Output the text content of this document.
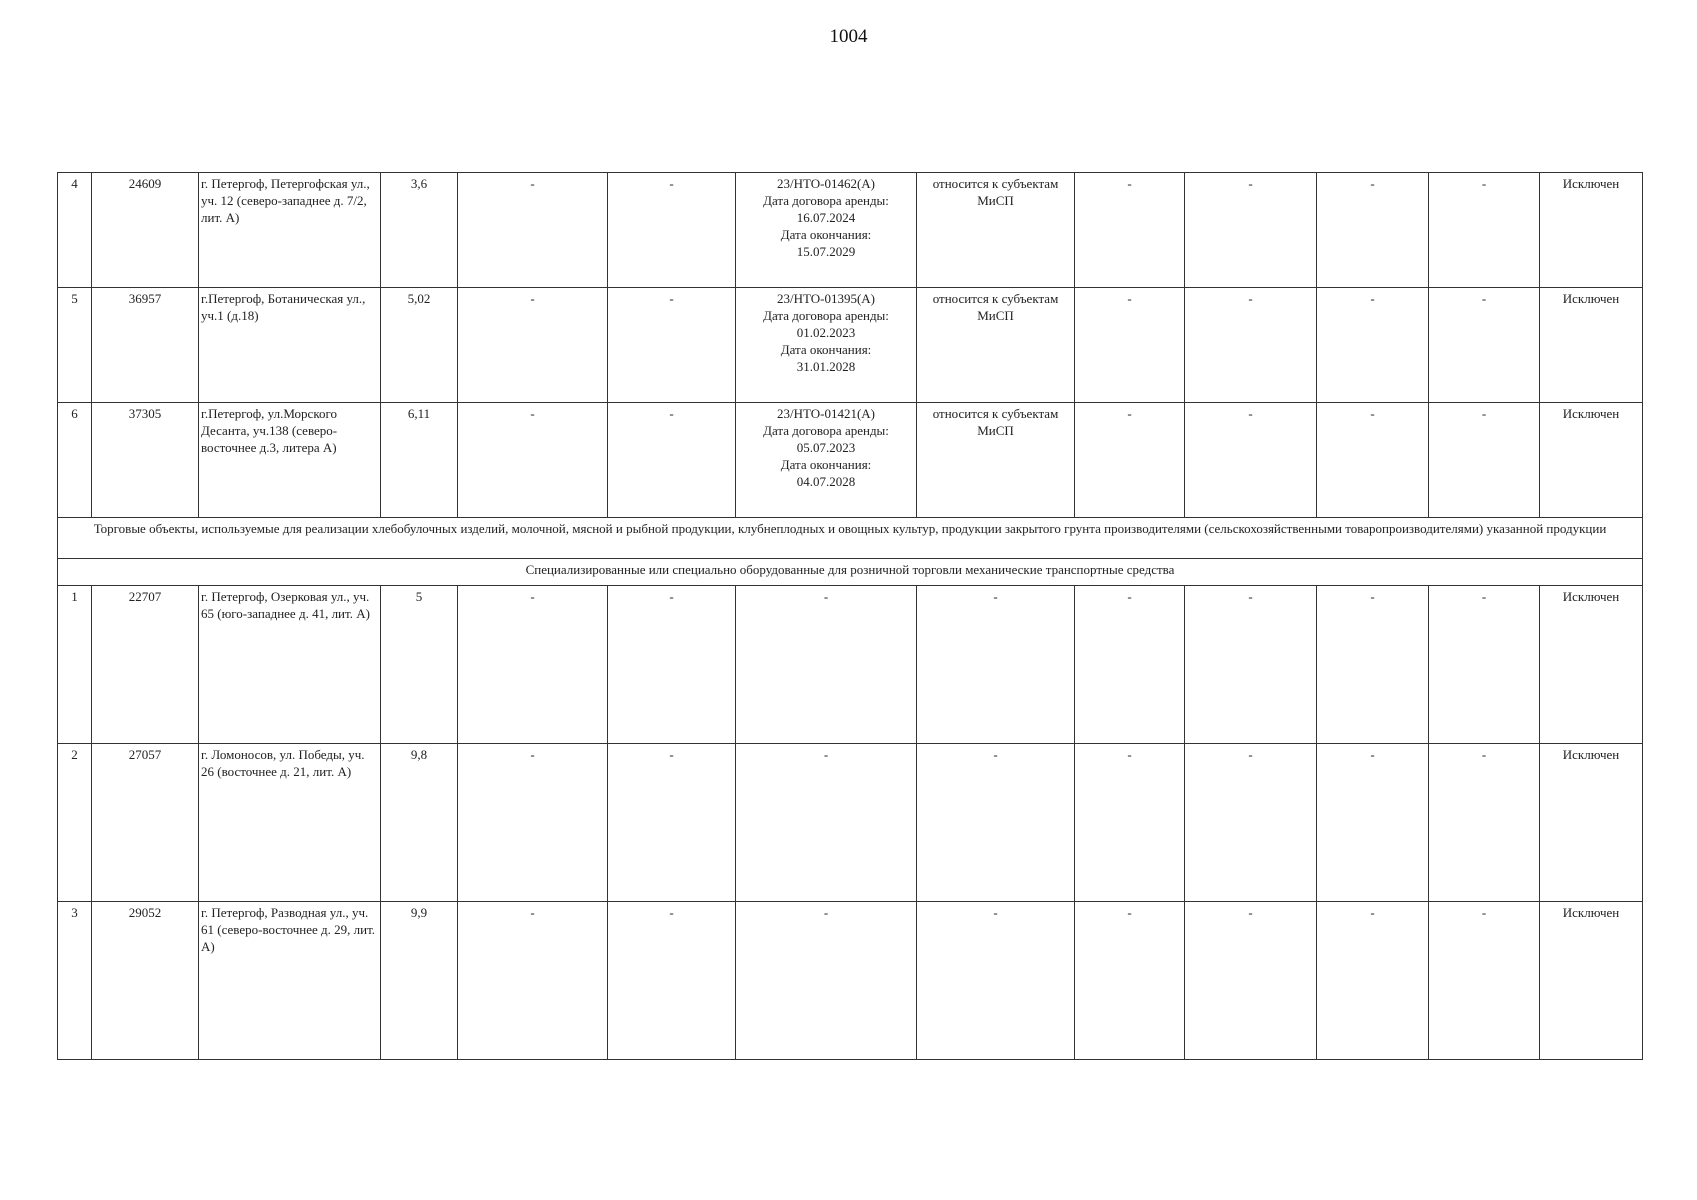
1004
4	24609	г. Петергоф, Петергофская ул., уч. 12 (северо-западнее д. 7/2, лит. А)	3,6	-	-	23/НТО-01462(А)
Дата договора аренды:
16.07.2024
Дата окончания:
15.07.2029	относится к субъектам МиСП	-	-	-	-	Исключен
5	36957	г.Петергоф, Ботаническая ул., уч.1 (д.18)	5,02	-	-	23/НТО-01395(А)
Дата договора аренды:
01.02.2023
Дата окончания:
31.01.2028	относится к субъектам МиСП	-	-	-	-	Исключен
6	37305	г.Петергоф, ул.Морского Десанта, уч.138 (северо-восточнее д.3, литера А)	6,11	-	-	23/НТО-01421(А)
Дата договора аренды:
05.07.2023
Дата окончания:
04.07.2028	относится к субъектам МиСП	-	-	-	-	Исключен
Торговые объекты, используемые для реализации хлебобулочных изделий, молочной, мясной и рыбной продукции, клубнеплодных и овощных культур, продукции закрытого грунта производителями (сельскохозяйственными товаропроизводителями) указанной продукции												
Специализированные или специально оборудованные для розничной торговли механические транспортные средства												
1	22707	г. Петергоф, Озерковая ул., уч. 65 (юго-западнее д. 41, лит. А)	5	-	-	-	-	-	-	-	-	Исключен
2	27057	г. Ломоносов, ул. Победы, уч. 26 (восточнее д. 21, лит. А)	9,8	-	-	-	-	-	-	-	-	Исключен
3	29052	г. Петергоф, Разводная ул., уч. 61 (северо-восточнее д. 29, лит. А)	9,9	-	-	-	-	-	-	-	-	Исключен
